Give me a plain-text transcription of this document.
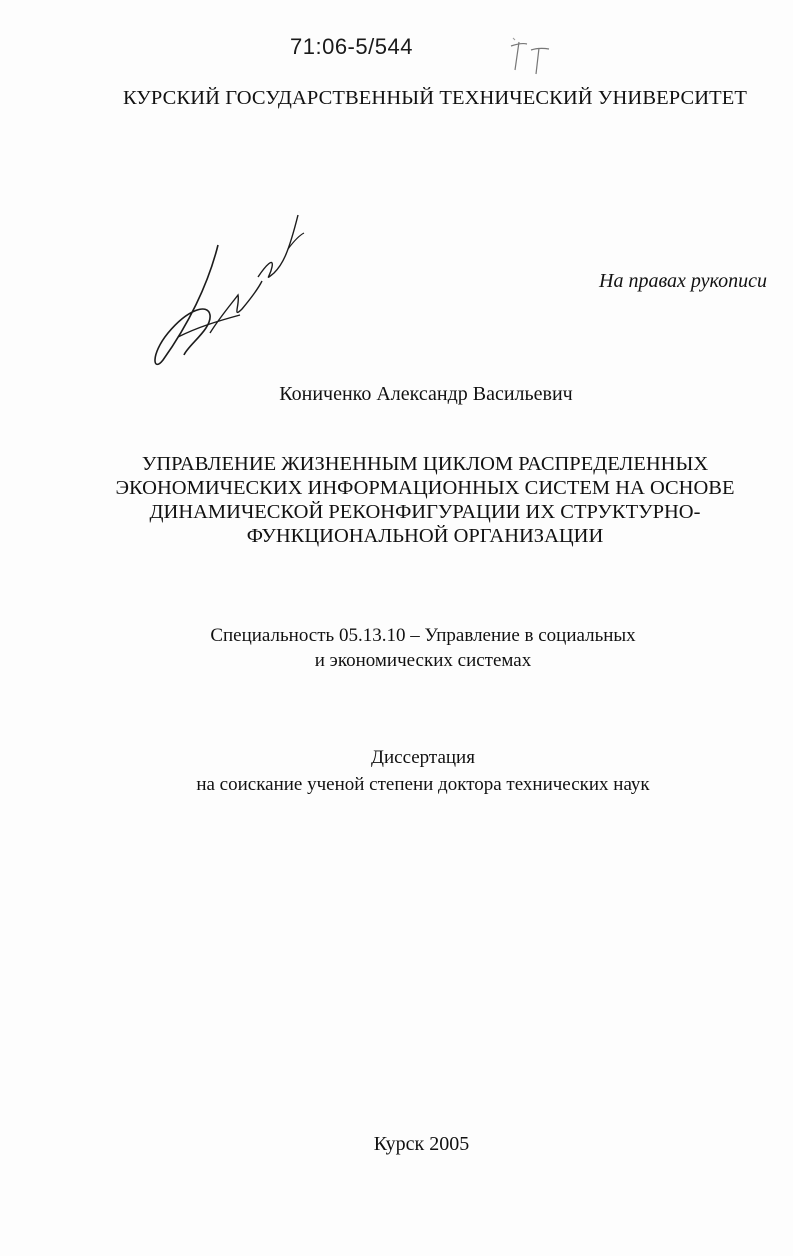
71:06-5/544
КУРСКИЙ ГОСУДАРСТВЕННЫЙ ТЕХНИЧЕСКИЙ УНИВЕРСИТЕТ
На правах рукописи
Кониченко Александр Васильевич
УПРАВЛЕНИЕ ЖИЗНЕННЫМ ЦИКЛОМ РАСПРЕДЕЛЕННЫХ
ЭКОНОМИЧЕСКИХ ИНФОРМАЦИОННЫХ СИСТЕМ НА ОСНОВЕ
ДИНАМИЧЕСКОЙ РЕКОНФИГУРАЦИИ ИХ СТРУКТУРНО-
ФУНКЦИОНАЛЬНОЙ ОРГАНИЗАЦИИ
Специальность 05.13.10 – Управление в социальных
и экономических системах
Диссертация
на соискание ученой степени доктора технических наук
Курск 2005
